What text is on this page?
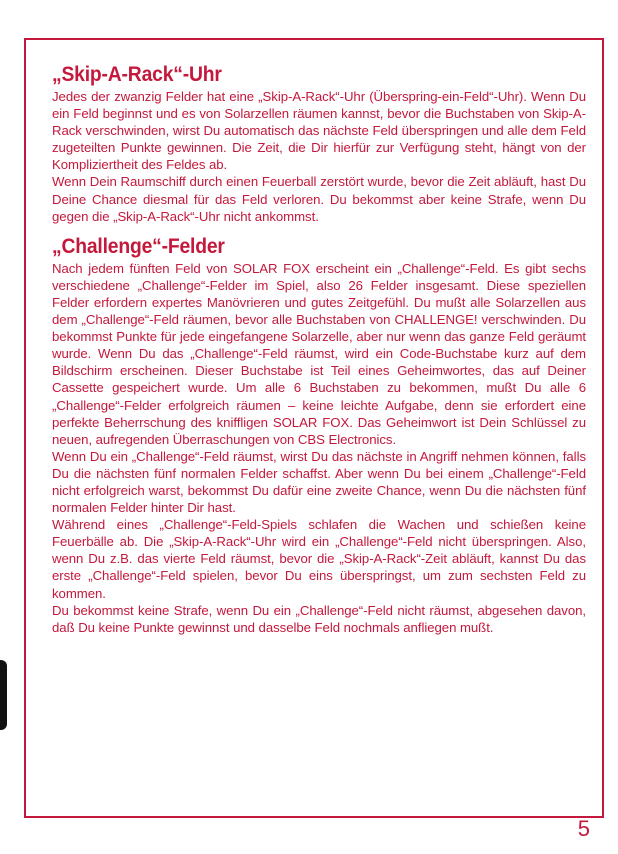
„Skip-A-Rack“-Uhr

Jedes der zwanzig Felder hat eine „Skip-A-Rack“-Uhr (Überspring-ein-Feld“-Uhr). Wenn Du ein Feld beginnst und es von Solarzellen räumen kannst, bevor die Buchstaben von Skip-A-Rack verschwinden, wirst Du automatisch das nächste Feld überspringen und alle dem Feld zugeteilten Punkte gewinnen. Die Zeit, die Dir hierfür zur Verfügung steht, hängt von der Kompliziertheit des Feldes ab.

Wenn Dein Raumschiff durch einen Feuerball zerstört wurde, bevor die Zeit abläuft, hast Du Deine Chance diesmal für das Feld verloren. Du bekommst aber keine Strafe, wenn Du gegen die „Skip-A-Rack“-Uhr nicht ankommst.

„Challenge“-Felder

Nach jedem fünften Feld von SOLAR FOX erscheint ein „Challenge“-Feld. Es gibt sechs verschiedene „Challenge“-Felder im Spiel, also 26 Felder insgesamt. Diese speziellen Felder erfordern expertes Manövrieren und gutes Zeitgefühl. Du mußt alle Solarzellen aus dem „Challenge“-Feld räumen, bevor alle Buchstaben von CHALLENGE! verschwinden. Du bekommst Punkte für jede eingefangene Solarzelle, aber nur wenn das ganze Feld geräumt wurde. Wenn Du das „Challenge“-Feld räumst, wird ein Code-Buchstabe kurz auf dem Bildschirm erscheinen. Dieser Buchstabe ist Teil eines Geheimwortes, das auf Deiner Cassette gespeichert wurde. Um alle 6 Buchstaben zu bekommen, mußt Du alle 6 „Challenge“-Felder erfolgreich räumen – keine leichte Aufgabe, denn sie erfordert eine perfekte Beherrschung des kniffligen SOLAR FOX. Das Geheimwort ist Dein Schlüssel zu neuen, aufregenden Überraschungen von CBS Electronics.

Wenn Du ein „Challenge“-Feld räumst, wirst Du das nächste in Angriff nehmen können, falls Du die nächsten fünf normalen Felder schaffst. Aber wenn Du bei einem „Challenge“-Feld nicht erfolgreich warst, bekommst Du dafür eine zweite Chance, wenn Du die nächsten fünf normalen Felder hinter Dir hast.

Während eines „Challenge“-Feld-Spiels schlafen die Wachen und schießen keine Feuerbälle ab. Die „Skip-A-Rack“-Uhr wird ein „Challenge“-Feld nicht überspringen. Also, wenn Du z.B. das vierte Feld räumst, bevor die „Skip-A-Rack“-Zeit abläuft, kannst Du das erste „Challenge“-Feld spielen, bevor Du eins überspringst, um zum sechsten Feld zu kommen.

Du bekommst keine Strafe, wenn Du ein „Challenge“-Feld nicht räumst, abgesehen davon, daß Du keine Punkte gewinnst und dasselbe Feld nochmals anfliegen mußt.

5
